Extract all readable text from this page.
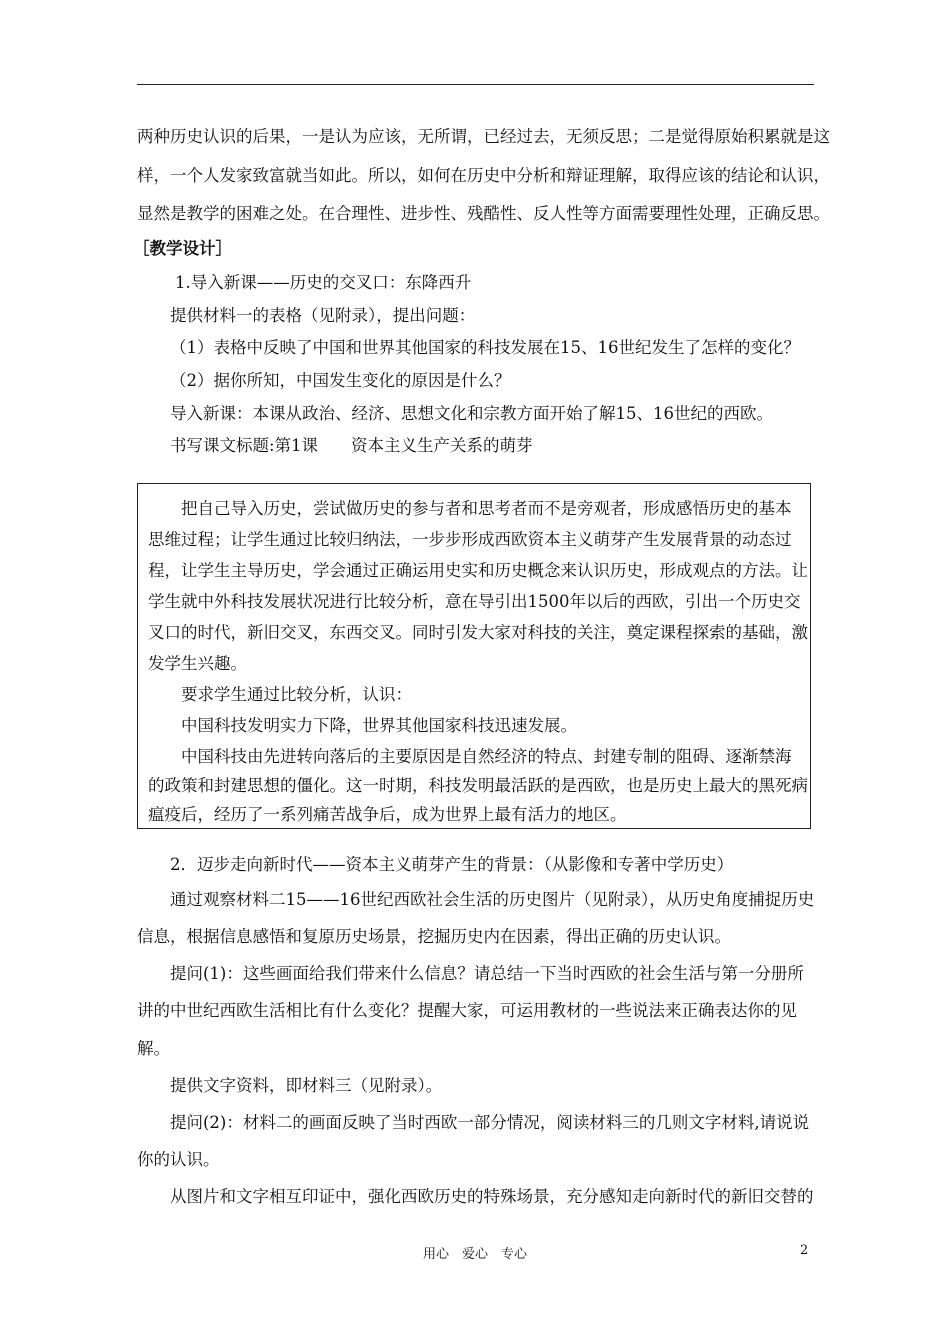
两种历史认识的后果，一是认为应该，无所谓，已经过去，无须反思；二是觉得原始积累就是这
样，一个人发家致富就当如此。所以，如何在历史中分析和辩证理解，取得应该的结论和认识，
显然是教学的困难之处。在合理性、进步性、残酷性、反人性等方面需要理性处理，正确反思。
［教学设计］
1.导入新课——历史的交叉口：东降西升
提供材料一的表格（见附录），提出问题：
（1）表格中反映了中国和世界其他国家的科技发展在15、16世纪发生了怎样的变化？
（2）据你所知，中国发生变化的原因是什么？
导入新课：本课从政治、经济、思想文化和宗教方面开始了解15、16世纪的西欧。
书写课文标题:第1课　　资本主义生产关系的萌芽
　　把自己导入历史，尝试做历史的参与者和思考者而不是旁观者，形成感悟历史的基本
思维过程；让学生通过比较归纳法，一步步形成西欧资本主义萌芽产生发展背景的动态过
程，让学生主导历史，学会通过正确运用史实和历史概念来认识历史，形成观点的方法。让
学生就中外科技发展状况进行比较分析，意在导引出1500年以后的西欧，引出一个历史交
叉口的时代，新旧交叉，东西交叉。同时引发大家对科技的关注，奠定课程探索的基础，激
发学生兴趣。
　　要求学生通过比较分析，认识：
　　中国科技发明实力下降，世界其他国家科技迅速发展。
　　中国科技由先进转向落后的主要原因是自然经济的特点、封建专制的阻碍、逐渐禁海
的政策和封建思想的僵化。这一时期，科技发明最活跃的是西欧，也是历史上最大的黑死病
瘟疫后，经历了一系列痛苦战争后，成为世界上最有活力的地区。
　　2．迈步走向新时代——资本主义萌芽产生的背景：（从影像和专著中学历史）
　　通过观察材料二15——16世纪西欧社会生活的历史图片（见附录），从历史角度捕捉历史
信息，根据信息感悟和复原历史场景，挖掘历史内在因素，得出正确的历史认识。
　　提问(1)：这些画面给我们带来什么信息？请总结一下当时西欧的社会生活与第一分册所
讲的中世纪西欧生活相比有什么变化？提醒大家，可运用教材的一些说法来正确表达你的见
解。
　　提供文字资料，即材料三（见附录）。
　　提问(2)：材料二的画面反映了当时西欧一部分情况，阅读材料三的几则文字材料,请说说
你的认识。
　　从图片和文字相互印证中，强化西欧历史的特殊场景，充分感知走向新时代的新旧交替的
用心　爱心　专心	2
